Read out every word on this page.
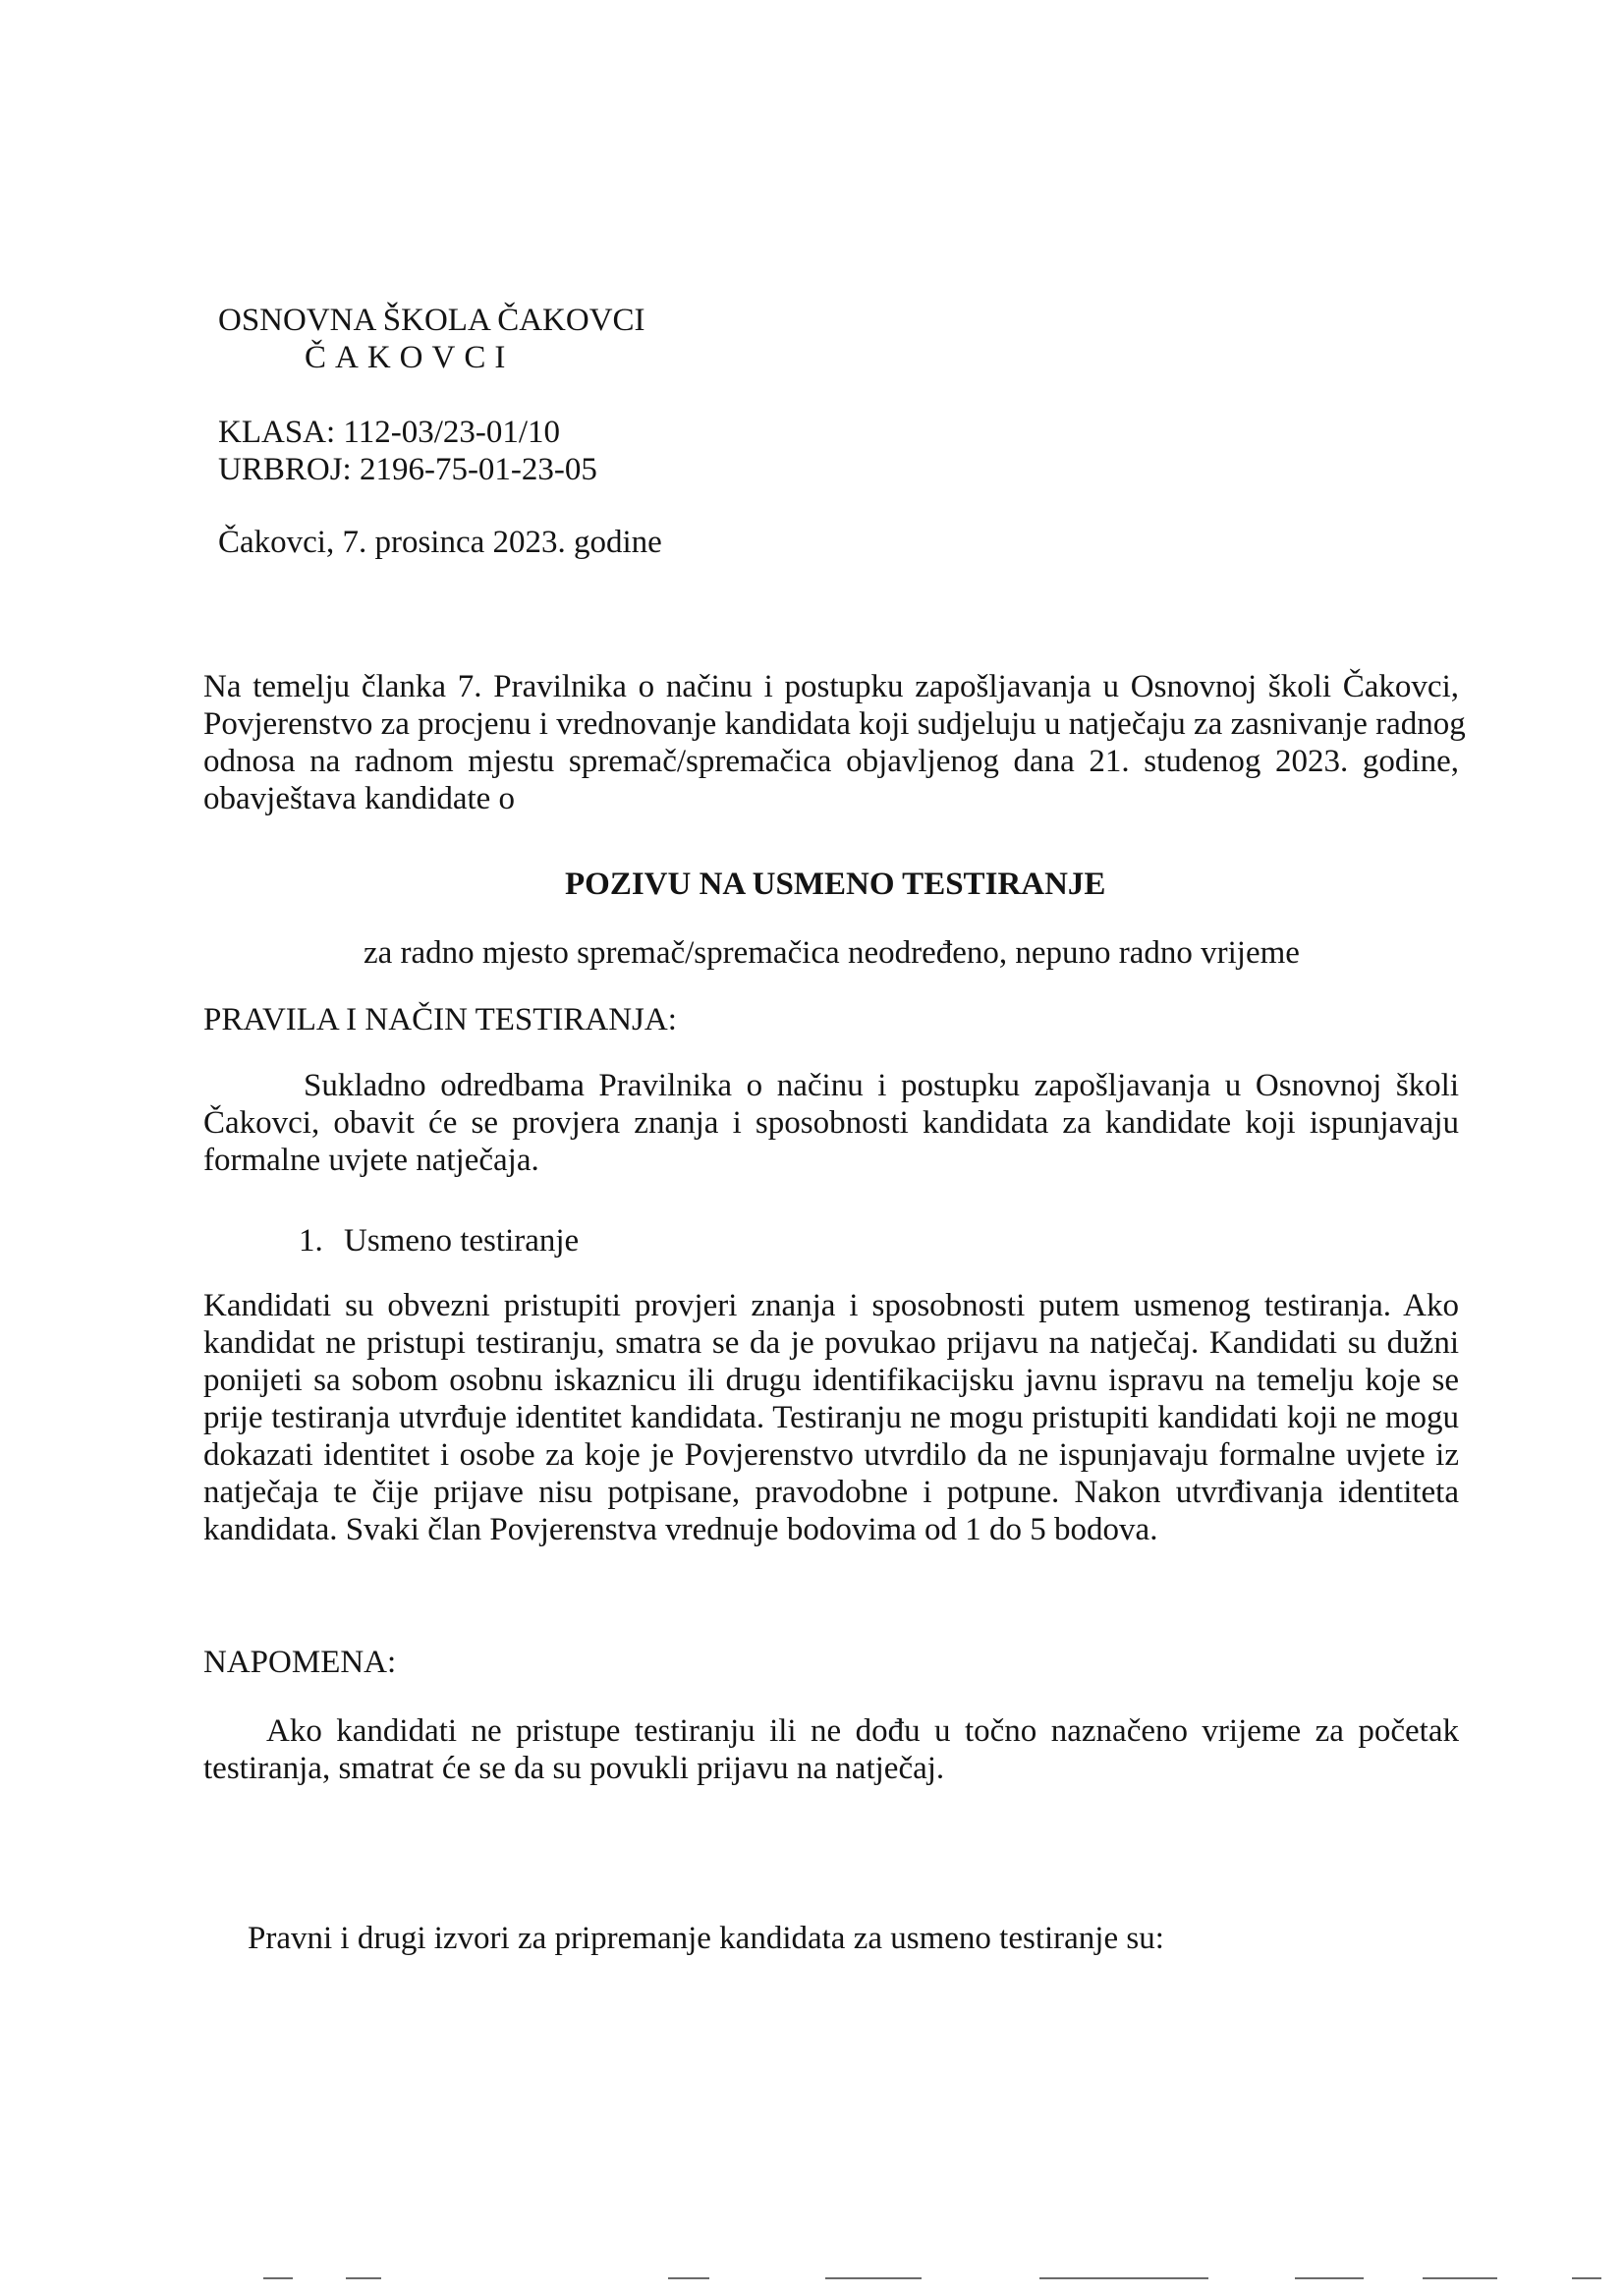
OSNOVNA ŠKOLA ČAKOVCI
ČAKOVCI
KLASA: 112-03/23-01/10
URBROJ: 2196-75-01-23-05
Čakovci, 7. prosinca 2023. godine
Na temelju članka 7. Pravilnika o načinu i postupku zapošljavanja u Osnovnoj školi Čakovci,
Povjerenstvo za procjenu i vrednovanje kandidata koji sudjeluju u natječaju za zasnivanje radnog
odnosa na radnom mjestu spremač/spremačica objavljenog dana 21. studenog 2023. godine,
obavještava kandidate o
POZIVU NA USMENO TESTIRANJE
za radno mjesto spremač/spremačica neodređeno, nepuno radno vrijeme
PRAVILA I NAČIN TESTIRANJA:
Sukladno odredbama Pravilnika o načinu i postupku zapošljavanja u Osnovnoj školi
Čakovci, obavit će se provjera znanja i sposobnosti kandidata za kandidate koji ispunjavaju
formalne uvjete natječaja.
1. Usmeno testiranje
Kandidati su obvezni pristupiti provjeri znanja i sposobnosti putem usmenog testiranja. Ako
kandidat ne pristupi testiranju, smatra se da je povukao prijavu na natječaj. Kandidati su dužni
ponijeti sa sobom osobnu iskaznicu ili drugu identifikacijsku javnu ispravu na temelju koje se
prije testiranja utvrđuje identitet kandidata. Testiranju ne mogu pristupiti kandidati koji ne mogu
dokazati identitet i osobe za koje je Povjerenstvo utvrdilo da ne ispunjavaju formalne uvjete iz
natječaja te čije prijave nisu potpisane, pravodobne i potpune. Nakon utvrđivanja identiteta
kandidata. Svaki član Povjerenstva vrednuje bodovima od 1 do 5 bodova.
NAPOMENA:
Ako kandidati ne pristupe testiranju ili ne dođu u točno naznačeno vrijeme za početak
testiranja, smatrat će se da su povukli prijavu na natječaj.
Pravni i drugi izvori za pripremanje kandidata za usmeno testiranje su:
